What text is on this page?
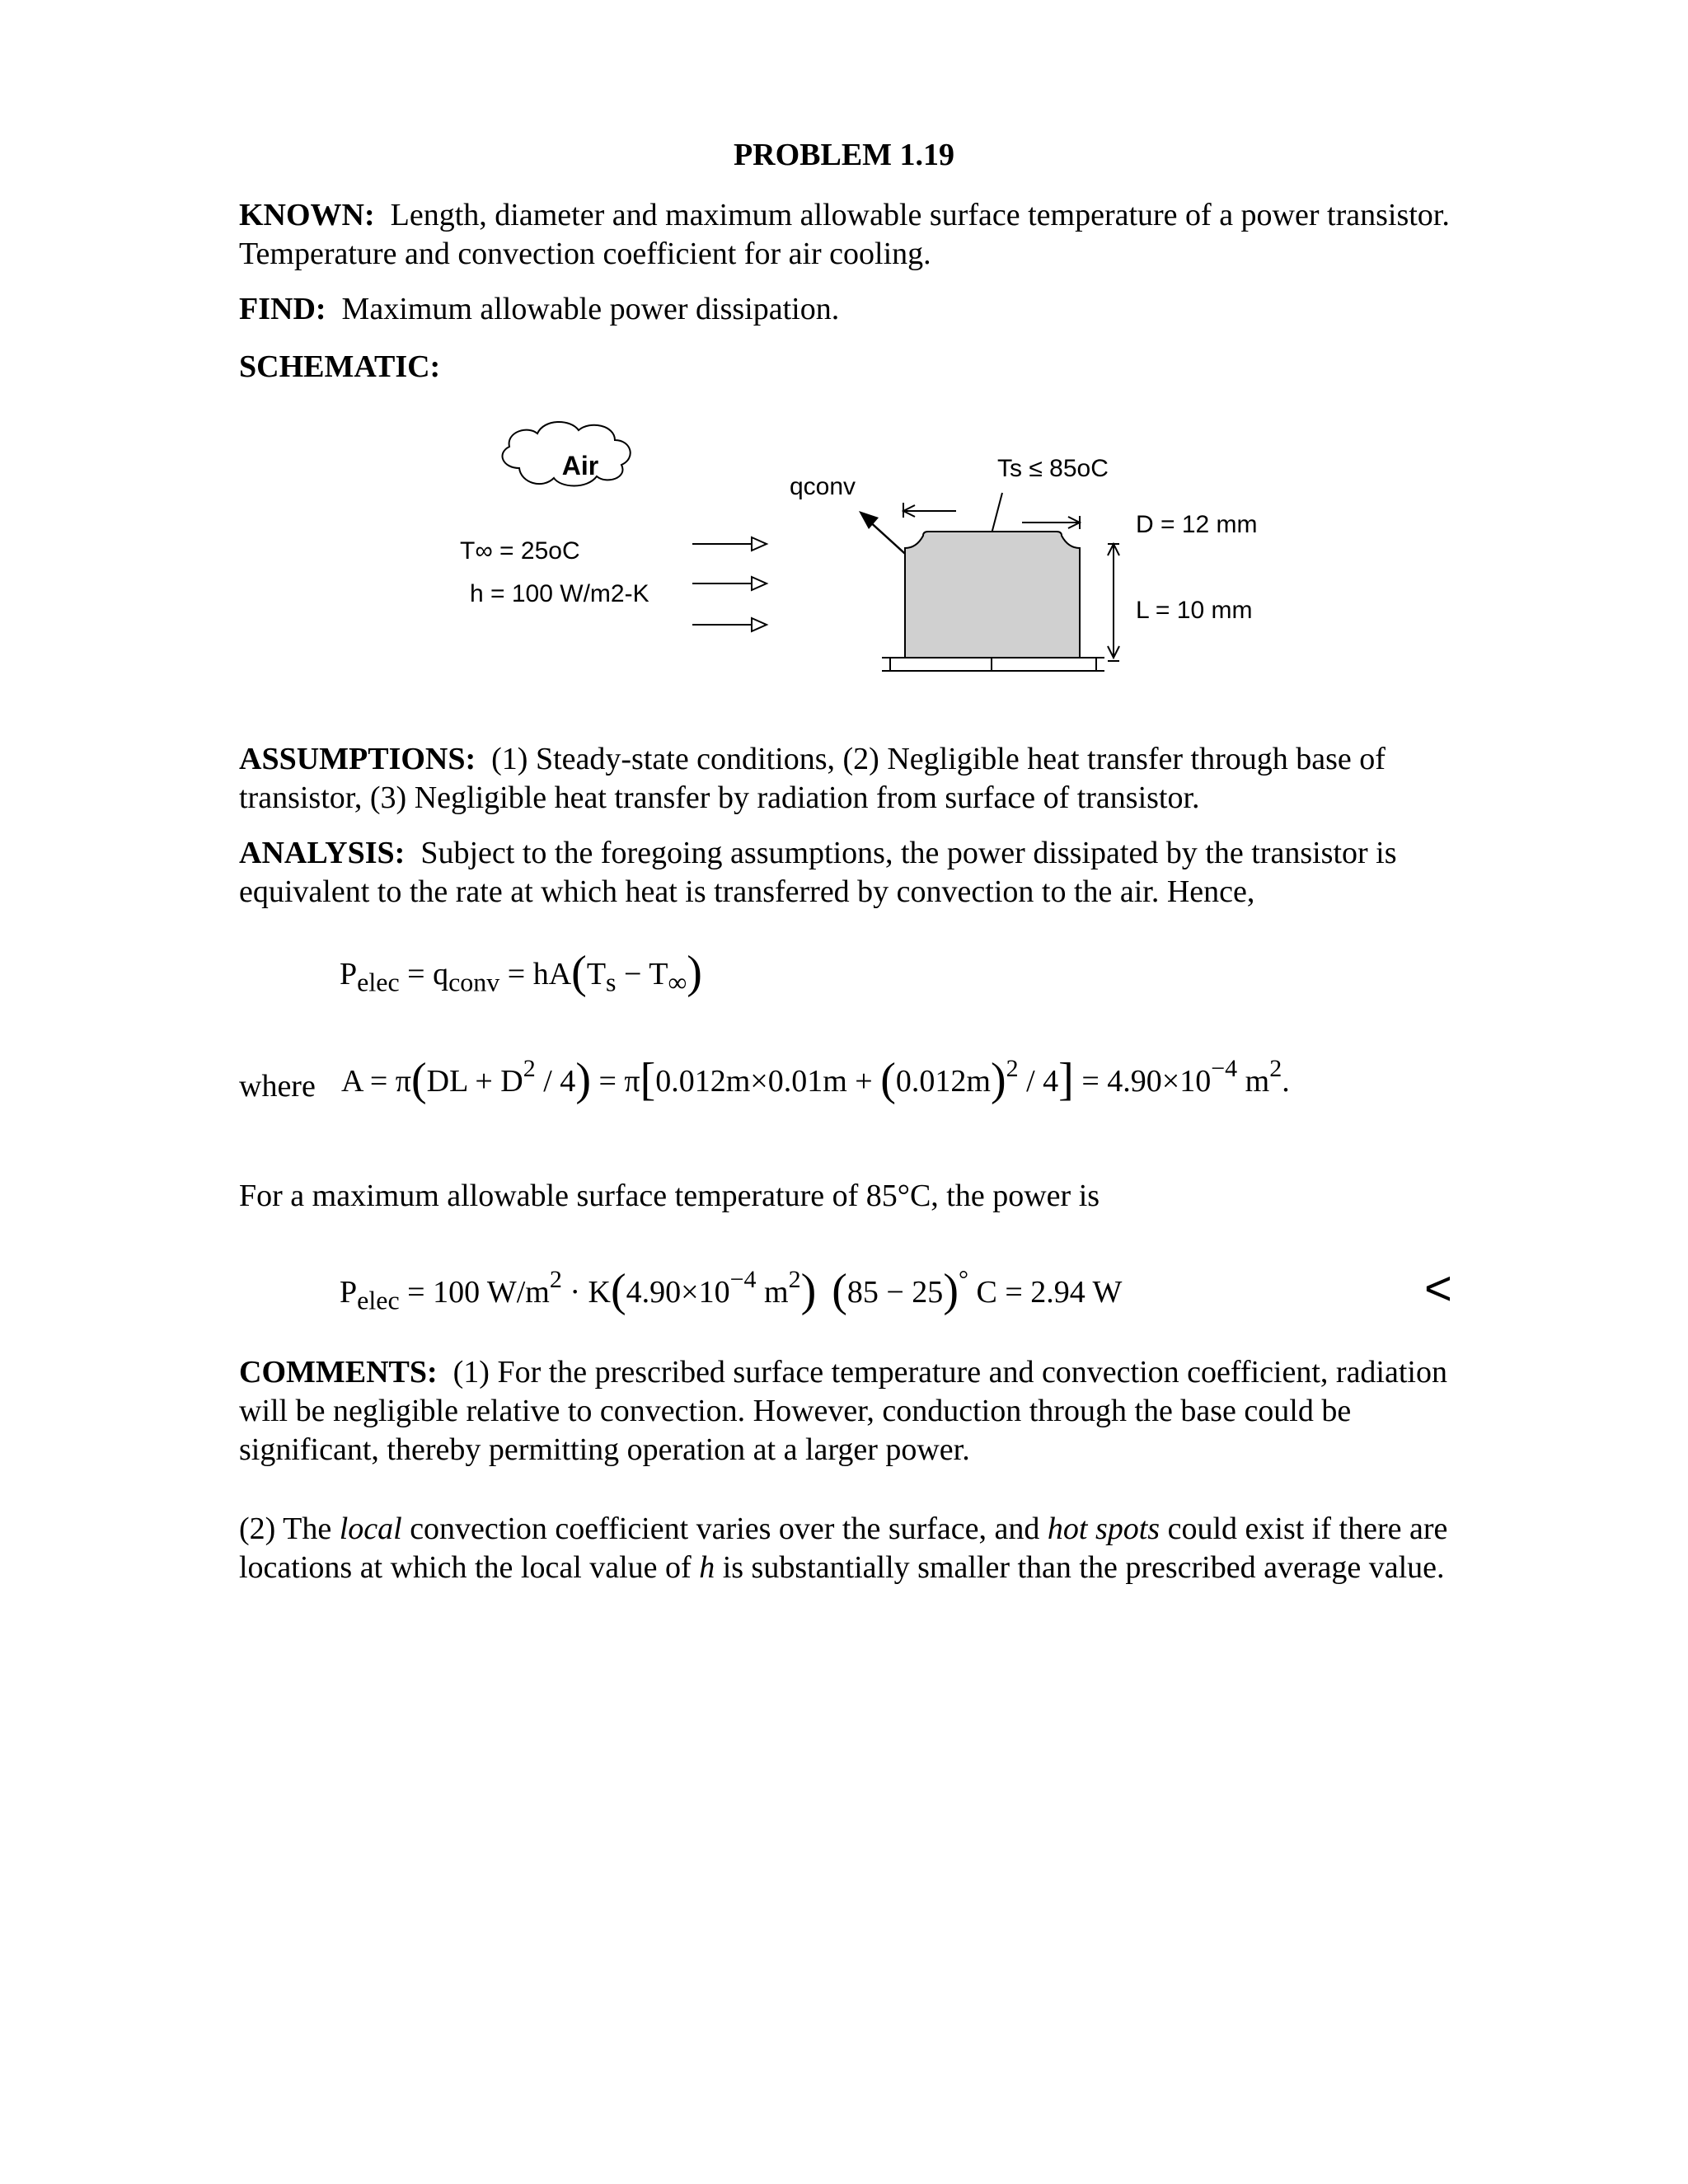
PROBLEM 1.19
KNOWN: Length, diameter and maximum allowable surface temperature of a power transistor. Temperature and convection coefficient for air cooling.
FIND: Maximum allowable power dissipation.
SCHEMATIC:
Air
T∞ = 25oC
h = 100 W/m2-K
qconv
Ts ≤ 85oC
D = 12 mm
L = 10 mm
ASSUMPTIONS: (1) Steady-state conditions, (2) Negligible heat transfer through base of transistor, (3) Negligible heat transfer by radiation from surface of transistor.
ANALYSIS: Subject to the foregoing assumptions, the power dissipated by the transistor is equivalent to the rate at which heat is transferred by convection to the air. Hence,
$P_{elec} = q_{conv} = hA(T_s - T_\infty)$
where $A = \pi(DL + D^2 / 4) = \pi[0.012m\times 0.01m + (0.012m)^2 / 4] = 4.90\times 10^{-4}$ $m^2$.
For a maximum allowable surface temperature of 85°C, the power is
$P_{elec} = 100$ $W/m^2 \cdot K(4.90\times 10^{-4}$ $m^2$) (85 − 25)° C = 2.94 W	<
COMMENTS: (1) For the prescribed surface temperature and convection coefficient, radiation will be negligible relative to convection. However, conduction through the base could be significant, thereby permitting operation at a larger power.
(2) The local convection coefficient varies over the surface, and hot spots could exist if there are locations at which the local value of h is substantially smaller than the prescribed average value.
